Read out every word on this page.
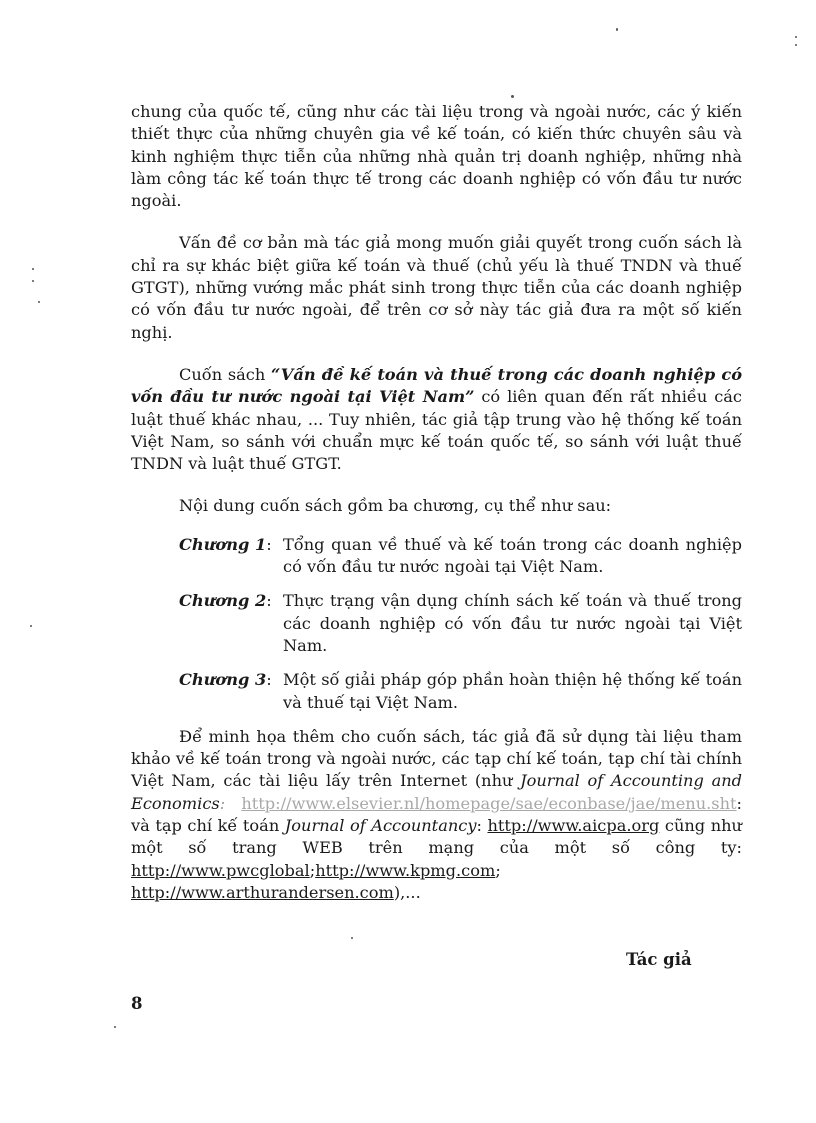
chung của quốc tế, cũng như các tài liệu trong và ngoài nước, các ý kiến thiết thực của những chuyên gia về kế toán, có kiến thức chuyên sâu và kinh nghiệm thực tiễn của những nhà quản trị doanh nghiệp, những nhà làm công tác kế toán thực tế trong các doanh nghiệp có vốn đầu tư nước ngoài.

Vấn đề cơ bản mà tác giả mong muốn giải quyết trong cuốn sách là chỉ ra sự khác biệt giữa kế toán và thuế (chủ yếu là thuế TNDN và thuế GTGT), những vướng mắc phát sinh trong thực tiễn của các doanh nghiệp có vốn đầu tư nước ngoài, để trên cơ sở này tác giả đưa ra một số kiến nghị.

Cuốn sách “Vấn đề kế toán và thuế trong các doanh nghiệp có vốn đầu tư nước ngoài tại Việt Nam” có liên quan đến rất nhiều các luật thuế khác nhau, ... Tuy nhiên, tác giả tập trung vào hệ thống kế toán Việt Nam, so sánh với chuẩn mực kế toán quốc tế, so sánh với luật thuế TNDN và luật thuế GTGT.

Nội dung cuốn sách gồm ba chương, cụ thể như sau:

Chương 1: Tổng quan về thuế và kế toán trong các doanh nghiệp có vốn đầu tư nước ngoài tại Việt Nam.
Chương 2: Thực trạng vận dụng chính sách kế toán và thuế trong các doanh nghiệp có vốn đầu tư nước ngoài tại Việt Nam.
Chương 3: Một số giải pháp góp phần hoàn thiện hệ thống kế toán và thuế tại Việt Nam.

Để minh họa thêm cho cuốn sách, tác giả đã sử dụng tài liệu tham khảo về kế toán trong và ngoài nước, các tạp chí kế toán, tạp chí tài chính Việt Nam, các tài liệu lấy trên Internet (như Journal of Accounting and Economics: http://www.elsevier.nl/homepage/sae/econbase/jae/menu.sht: và tạp chí kế toán Journal of Accountancy: http://www.aicpa.org cũng như một số trang WEB trên mạng của một số công ty: http://www.pwcglobal;http://www.kpmg.com; http://www.arthurandersen.com),...

Tác giả
8
